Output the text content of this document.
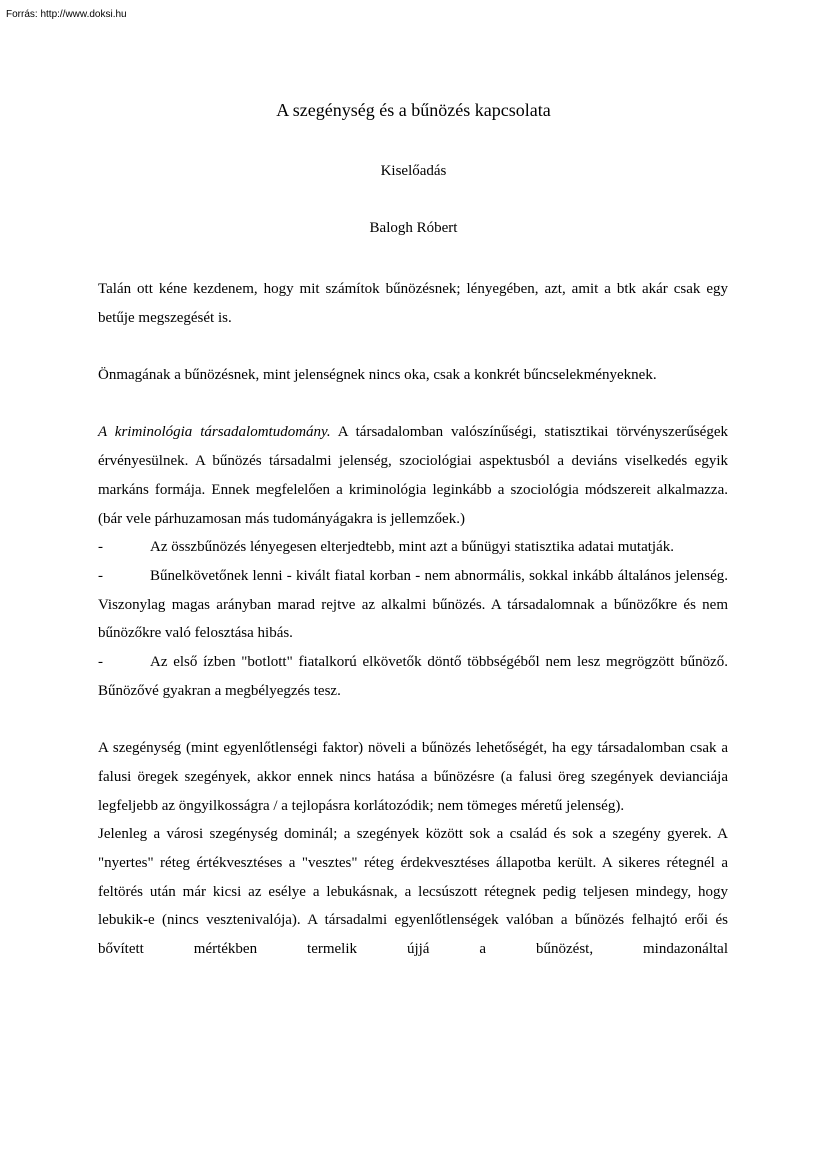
Forrás: http://www.doksi.hu
A szegénység és a bűnözés kapcsolata
Kiselőadás
Balogh Róbert

Talán ott kéne kezdenem, hogy mit számítok bűnözésnek; lényegében, azt, amit a btk akár csak egy betűje megszegését is.

Önmagának a bűnözésnek, mint jelenségnek nincs oka, csak a konkrét bűncselekményeknek.

A kriminológia társadalomtudomány. A társadalomban valószínűségi, statisztikai törvényszerűségek érvényesülnek. A bűnözés társadalmi jelenség, szociológiai aspektusból a deviáns viselkedés egyik markáns formája. Ennek megfelelően a kriminológia leginkább a szociológia módszereit alkalmazza. (bár vele párhuzamosan más tudományágakra is jellemzőek.)

-	Az összbűnözés lényegesen elterjedtebb, mint azt a bűnügyi statisztika adatai mutatják.

-	Bűnelkövetőnek lenni - kivált fiatal korban - nem abnormális, sokkal inkább általános jelenség. Viszonylag magas arányban marad rejtve az alkalmi bűnözés. A társadalomnak a bűnözőkre és nem bűnözőkre való felosztása hibás.

-	Az első ízben "botlott" fiatalkorú elkövetők döntő többségéből nem lesz megrögzött bűnöző. Bűnözővé gyakran a megbélyegzés tesz.

A szegénység (mint egyenlőtlenségi faktor) növeli a bűnözés lehetőségét, ha egy társadalomban csak a falusi öregek szegények, akkor ennek nincs hatása a bűnözésre (a falusi öreg szegények devianciája legfeljebb az öngyilkosságra / a tejlopásra korlátozódik; nem tömeges méretű jelenség).

Jelenleg a városi szegénység dominál; a szegények között sok a család és sok a szegény gyerek. A "nyertes" réteg értékvesztéses a "vesztes" réteg érdekvesztéses állapotba került. A sikeres rétegnél a feltörés után már kicsi az esélye a lebukásnak, a lecsúszott rétegnek pedig teljesen mindegy, hogy lebukik-e (nincs vesztenivalója). A társadalmi egyenlőtlenségek valóban a bűnözés felhajtó erői és bővített mértékben termelik újjá a bűnözést, mindazonáltal
